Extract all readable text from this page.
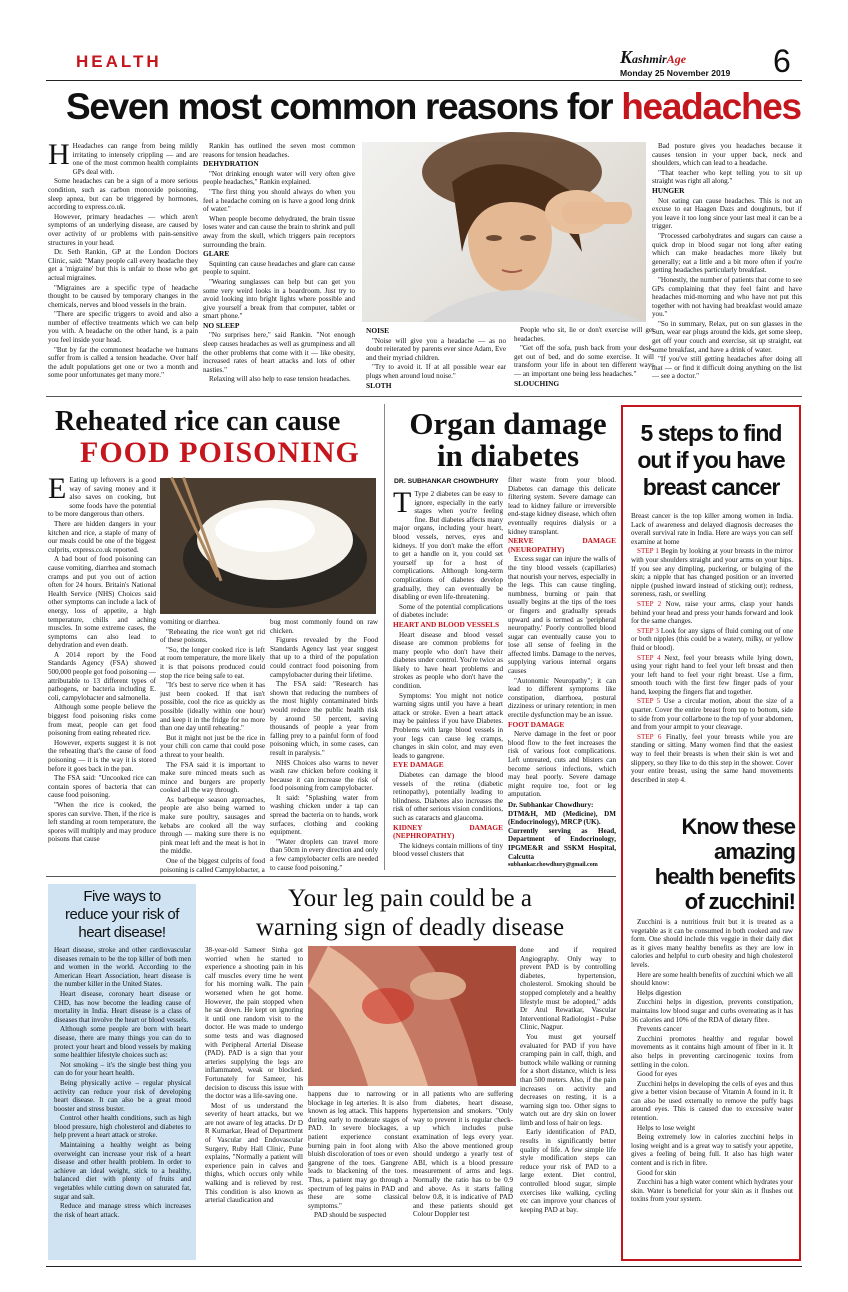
HEALTH	KashmirAge
Monday 25 November 2019 6
Seven most common reasons for headaches

H Headaches can range from being mildly irritating to intensely crippling — and are one of the most common health complaints GPs deal with.

Some headaches can be a sign of a more serious condition, such as carbon monoxide poisoning, sleep apnea, but can be triggered by hormones, according to express.co.uk.

However, primary headaches — which aren't symptoms of an underlying disease, are caused by over activity of or problems with pain-sensitive structures in your head.

Dr. Seth Rankin, GP at the London Doctors Clinic, said: "Many people call every headache they get a 'migraine' but this is unfair to those who get actual migraines.

"Migraines are a specific type of headache thought to be caused by temporary changes in the chemicals, nerves and blood vessels in the brain.

"There are specific triggers to avoid and also a number of effective treatments which we can help you with. A headache on the other hand, is a pain you feel inside your head.

"But by far the commonest headache we humans suffer from is called a tension headache. Over half the adult populations get one or two a month and some poor unfortunates get many more."

Rankin has outlined the seven most common reasons for tension headaches.

DEHYDRATION

"Not drinking enough water will very often give people headaches," Rankin explained.

"The first thing you should always do when you feel a headache coming on is have a good long drink of water."

When people become dehydrated, the brain tissue loses water and can cause the brain to shrink and pull away from the skull, which triggers pain receptors surrounding the brain.

GLARE

Squinting can cause headaches and glare can cause people to squint.

"Wearing sunglasses can help but can get you some very weird looks in a boardroom. Just try to avoid looking into bright lights where possible and give yourself a break from that computer, tablet or smart phone."

NO SLEEP

"No surprises here," said Rankin. "Not enough sleep causes headaches as well as grumpiness and all the other problems that come with it — like obesity, increased rates of heart attacks and lots of other nasties."

Relaxing will also help to ease tension headaches.

NOISE

"Noise will give you a headache — as no doubt reiterated by parents ever since Adam, Eve and their myriad children.

"Try to avoid it. If at all possible wear ear plugs when around loud noise."

SLOTH

People who sit, lie or don't exercise will get headaches.

"Get off the sofa, push back from your desk, get out of bed, and do some exercise. It will transform your life in about ten different ways — an important one being less headaches."

SLOUCHING

Bad posture gives you headaches because it causes tension in your upper back, neck and shoulders, which can lead to a headache.

"That teacher who kept telling you to sit up straight was right all along."

HUNGER

Not eating can cause headaches. This is not an excuse to eat Haagen Dazs and doughnuts, but if you leave it too long since your last meal it can be a trigger.

"Processed carbohydrates and sugars can cause a quick drop in blood sugar not long after eating which can make headaches more likely but generally; eat a little and a bit more often if you're getting headaches particularly breakfast.

"Honestly, the number of patients that come to see GPs complaining that they feel faint and have headaches mid-morning and who have not put this together with not having had breakfast would amaze you."

"So in summary, Relax, put on sun glasses in the Sun, wear ear plugs around the kids, get some sleep, get off your couch and exercise, sit up straight, eat some breakfast, and have a drink of water.

"If you've still getting headaches after doing all that — or find it difficult doing anything on the list — see a doctor."

Reheated rice can cause
FOOD POISONING

E Eating up leftovers is a good way of saving money and it also saves on cooking, but some foods have the potential to be more dangerous than others.

There are hidden dangers in your kitchen and rice, a staple of many of our meals could be one of the biggest culprits, express.co.uk reported.

A bad bout of food poisoning can cause vomiting, diarrhea and stomach cramps and put you out of action often for 24 hours. Britain's National Health Service (NHS) Choices said other symptoms can include a lack of energy, loss of appetite, a high temperature, chills and aching muscles. In some extreme cases, the symptoms can also lead to dehydration and even death.

A 2014 report by the Food Standards Agency (FSA) showed 500,000 people got food poisoning — attributable to 13 different types of pathogens, or bacteria including E. coli, campylobacter and salmonella.

Although some people believe the biggest food poisoning risks come from meat, people can get food poisoning from eating reheated rice.

However, experts suggest it is not the reheating that's the cause of food poisoning — it is the way it is stored before it goes back in the pan.

The FSA said: "Uncooked rice can contain spores of bacteria that can cause food poisoning.

"When the rice is cooked, the spores can survive. Then, if the rice is left standing at room temperature, the spores will multiply and may produce poisons that cause

vomiting or diarrhea.

"Reheating the rice won't get rid of these poisons.

"So, the longer cooked rice is left at room temperature, the more likely it is that poisons produced could stop the rice being safe to eat.

"It's best to serve rice when it has just been cooked. If that isn't possible, cool the rice as quickly as possible (ideally within one hour) and keep it in the fridge for no more than one day until reheating."

But it might not just be the rice in your chili con carne that could pose a threat to your health.

The FSA said it is important to make sure minced meats such as mince and burgers are properly cooked all the way through.

As barbeque season approaches, people are also being warned to make sure poultry, sausages and kebabs are cooked all the way through — making sure there is no pink meat left and the meat is hot in the middle.

One of the biggest culprits of food poisoning is called Campylobacter, a

bug most commonly found on raw chicken.

Figures revealed by the Food Standards Agency last year suggest that up to a third of the population could contract food poisoning from campylobacter during their lifetime.

The FSA said: "Research has shown that reducing the numbers of the most highly contaminated birds would reduce the public health risk by around 50 percent, saving thousands of people a year from falling prey to a painful form of food poisoning which, in some cases, can result in paralysis."

NHS Choices also warns to never wash raw chicken before cooking it because it can increase the risk of food poisoning from campylobacter.

It said: "Splashing water from washing chicken under a tap can spread the bacteria on to hands, work surfaces, clothing and cooking equipment.

"Water droplets can travel more than 50cm in every direction and only a few campylobacter cells are needed to cause food poisoning."

Organ damage
in diabetes
DR. SUBHANKAR CHOWDHURY

T Type 2 diabetes can be easy to ignore, especially in the early stages when you're feeling fine. But diabetes affects many major organs, including your heart, blood vessels, nerves, eyes and kidneys. If you don't make the effort to get a handle on it, you could set yourself up for a host of complications. Although long-term complications of diabetes develop gradually, they can eventually be disabling or even life-threatening.

Some of the potential complications of diabetes include:

HEART AND BLOOD VESSELS

Heart disease and blood vessel disease are common problems for many people who don't have their diabetes under control. You're twice as likely to have heart problems and strokes as people who don't have the condition.

Symptoms: You might not notice warning signs until you have a heart attack or stroke. Even a heart attack may be painless if you have Diabetes. Problems with large blood vessels in your legs can cause leg cramps, changes in skin color, and may even leads to gangrene.

EYE DAMAGE

Diabetes can damage the blood vessels of the retina (diabetic retinopathy), potentially leading to blindness. Diabetes also increases the risk of other serious vision conditions, such as cataracts and glaucoma.

KIDNEY DAMAGE (NEPHROPATHY)

The kidneys contain millions of tiny blood vessel clusters that

filter waste from your blood. Diabetes can damage this delicate filtering system. Severe damage can lead to kidney failure or irreversible end-stage kidney disease, which often eventually requires dialysis or a kidney transplant.

NERVE DAMAGE (NEUROPATHY)

Excess sugar can injure the walls of the tiny blood vessels (capillaries) that nourish your nerves, especially in the legs. This can cause tingling, numbness, burning or pain that usually begins at the tips of the toes or fingers and gradually spreads upward and is termed as 'peripheral neuropathy.' Poorly controlled blood sugar can eventually cause you to lose all sense of feeling in the affected limbs. Damage to the nerves, supplying various internal organs causes

"Autonomic Neuropathy"; it can lead to different symptoms like constipation, diarrhoea, postural dizziness or urinary retention; in men erectile dysfunction may be an issue.

FOOT DAMAGE

Nerve damage in the feet or poor blood flow to the feet increases the risk of various foot complications. Left untreated, cuts and blisters can become serious infections, which may heal poorly. Severe damage might require toe, foot or leg amputation.

Dr. Subhankar Chowdhury:
DTM&H, MD (Medicine), DM (Endocrinology), MRCP (UK).
Currently serving as Head, Department of Endocrinology, IPGME&R and SSKM Hospital, Calcutta
subhankar.chowdhury@gmail.com
5 steps to find
out if you have
breast cancer

Breast cancer is the top killer among women in India. Lack of awareness and delayed diagnosis decreases the overall survival rate in India. Here are ways you can self examine at home

STEP 1 Begin by looking at your breasts in the mirror with your shoulders straight and your arms on your hips. If you see any dimpling, puckering, or bulging of the skin; a nipple that has changed position or an inverted nipple (pushed inward instead of sticking out); redness, soreness, rash, or swelling

STEP 2 Now, raise your arms, clasp your hands behind your head and press your hands forward and look for the same changes.

STEP 3 Look for any signs of fluid coming out of one or both nipples (this could be a watery, milky, or yellow fluid or blood).

STEP 4 Next, feel your breasts while lying down, using your right hand to feel your left breast and then your left hand to feel your right breast. Use a firm, smooth touch with the first few finger pads of your hand, keeping the fingers flat and together.

STEP 5 Use a circular motion, about the size of a quarter. Cover the entire breast from top to bottom, side to side from your collarbone to the top of your abdomen, and from your armpit to your cleavage.

STEP 6 Finally, feel your breasts while you are standing or sitting. Many women find that the easiest way to feel their breasts is when their skin is wet and slippery, so they like to do this step in the shower. Cover your entire breast, using the same hand movements described in step 4.

Know these
amazing
health benefits
of zucchini!

Zucchini is a nutritious fruit but it is treated as a vegetable as it can be consumed in both cooked and raw form. One should include this veggie in their daily diet as it gives many healthy benefits as they are low in calories and helpful to curb obesity and high cholesterol levels.

Here are some health benefits of zucchini which we all should know:

Helps digestion

Zucchini helps in digestion, prevents constipation, maintains low blood sugar and curbs overeating as it has 36 calories and 10% of the RDA of dietary fibre.

Prevents cancer

Zucchini promotes healthy and regular bowel movements as it contains high amount of fiber in it. It also helps in preventing carcinogenic toxins from settling in the colon.

Good for eyes

Zucchini helps in developing the cells of eyes and thus give a better vision because of Vitamin A found in it. It can also be used externally to remove the puffy bags around eyes. This is caused due to excessive water retention.

Helps to lose weight

Being extremely low in calories zucchini helps in losing weight and is a great way to satisfy your appetite, gives a feeling of being full. It also has high water content and is rich in fibre.

Good for skin

Zucchini has a high water content which hydrates your skin. Water is beneficial for your skin as it flushes out toxins from your system.

Five ways to
reduce your risk of
heart disease!

Heart disease, stroke and other cardiovascular diseases remain to be the top killer of both men and women in the world. According to the American Heart Association, heart disease is the number killer in the United States.

Heart disease, coronary heart disease or CHD, has now become the leading cause of mortality in India. Heart disease is a class of diseases that involve the heart or blood vessels.

Although some people are born with heart disease, there are many things you can do to protect your heart and blood vessels by making some healthier lifestyle choices such as:

Not smoking – it's the single best thing you can do for your heart health.

Being physically active – regular physical activity can reduce your risk of developing heart disease. It can also be a great mood booster and stress buster.

Control other health conditions, such as high blood pressure, high cholesterol and diabetes to help prevent a heart attack or stroke.

Maintaining a healthy weight as being overweight can increase your risk of a heart disease and other health problem. In order to achieve an ideal weight, stick to a healthy, balanced diet with plenty of fruits and vegetables while cutting down on saturated fat, sugar and salt.

Reduce and manage stress which increases the risk of heart attack.

Your leg pain could be a
warning sign of deadly disease

38-year-old Sameer Sinha got worried when he started to experience a shooting pain in his calf muscles every time he went for his morning walk. The pain worsened when he got home. However, the pain stopped when he sat down. He kept on ignoring it until one random visit to the doctor. He was made to undergo some tests and was diagnosed with Peripheral Arterial Disease (PAD). PAD is a sign that your arteries supplying the legs are inflammated, weak or blocked. Fortunately for Sameer, his decision to discuss this issue with the doctor was a life-saving one.

Most of us understand the severity of heart attacks, but we are not aware of leg attacks. Dr D R Kumarkar, Head of Department of Vascular and Endovascular Surgery, Ruby Hall Clinic, Pune explains, "Normally a patient will experience pain in calves and thighs, which occurs only while walking and is relieved by rest. This condition is also known as arterial claudication and

happens due to narrowing or blockage in leg arteries. It is also known as leg attack. This happens during early to moderate stages of PAD. In severe blockages, a patient experience constant burning pain in foot along with bluish discoloration of toes or even gangrene of the toes. Gangrene leads to blackening of the toes. Thus, a patient may go through a spectrum of leg pains in PAD and these are some classical symptoms."

PAD should be suspected

in all patients who are suffering from diabetes, heart disease, hypertension and smokers. "Only way to prevent it is regular check-up which includes pulse examination of legs every year. Also the above mentioned group should undergo a yearly test of ABI, which is a blood pressure measurement of arms and legs. Normally the ratio has to be 0.9 and above. As it starts falling below 0.8, it is indicative of PAD and these patients should get Colour Doppler test

done and if required Angiography. Only way to prevent PAD is by controlling diabetes, hypertension, cholesterol. Smoking should be stopped completely and a healthy lifestyle must be adopted," adds Dr Atul Rewatkar, Vascular Interventional Radiologist - Pulse Clinic, Nagpur.

You must get yourself evaluated for PAD if you have cramping pain in calf, thigh, and buttock while walking or running for a short distance, which is less than 500 meters. Also, if the pain increases on activity and decreases on resting, it is a warning sign too. Other signs to watch out are dry skin on lower limb and loss of hair on legs.

Early identification of PAD, results in significantly better quality of life. A few simple life style modification steps can reduce your risk of PAD to a large extent. Diet control, controlled blood sugar, simple exercises like walking, cycling etc can improve your chances of keeping PAD at bay.
